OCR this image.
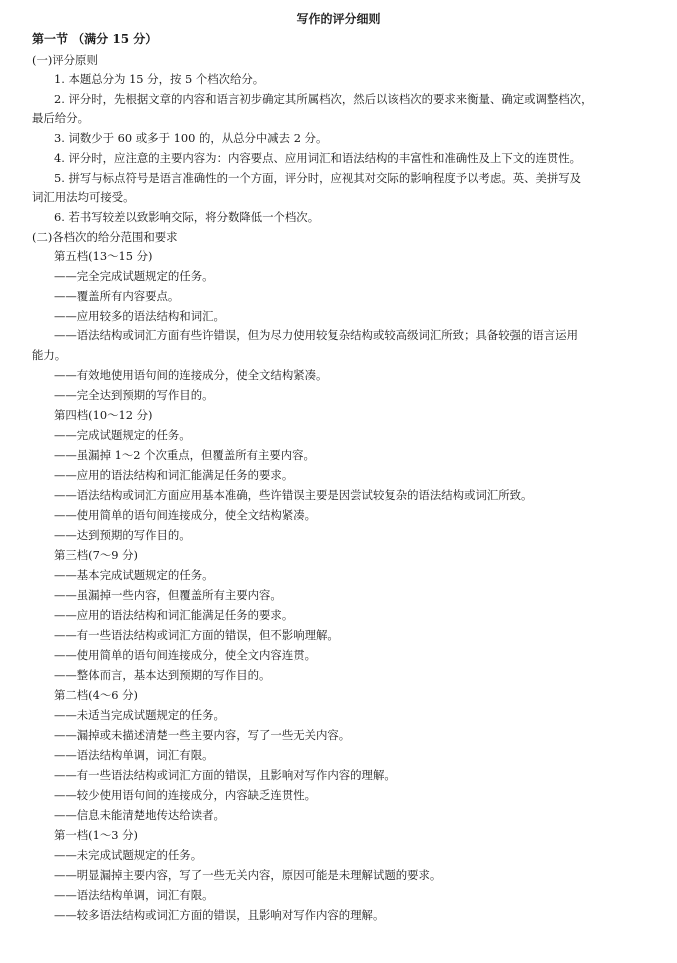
写作的评分细则
第一节 （满分 15 分）
(一)评分原则
1. 本题总分为 15 分，按 5 个档次给分。
2. 评分时，先根据文章的内容和语言初步确定其所属档次，然后以该档次的要求来衡量、确定或调整档次，
最后给分。
3. 词数少于 60 或多于 100 的，从总分中减去 2 分。
4. 评分时，应注意的主要内容为：内容要点、应用词汇和语法结构的丰富性和准确性及上下文的连贯性。
5. 拼写与标点符号是语言准确性的一个方面，评分时，应视其对交际的影响程度予以考虑。英、美拼写及
词汇用法均可接受。
6. 若书写较差以致影响交际，将分数降低一个档次。
(二)各档次的给分范围和要求
第五档(13～15 分)
——完全完成试题规定的任务。
——覆盖所有内容要点。
——应用较多的语法结构和词汇。
——语法结构或词汇方面有些许错误，但为尽力使用较复杂结构或较高级词汇所致；具备较强的语言运用
能力。
——有效地使用语句间的连接成分，使全文结构紧凑。
——完全达到预期的写作目的。
第四档(10～12 分)
——完成试题规定的任务。
——虽漏掉 1～2 个次重点，但覆盖所有主要内容。
——应用的语法结构和词汇能满足任务的要求。
——语法结构或词汇方面应用基本准确，些许错误主要是因尝试较复杂的语法结构或词汇所致。
——使用简单的语句间连接成分，使全文结构紧凑。
——达到预期的写作目的。
第三档(7～9 分)
——基本完成试题规定的任务。
——虽漏掉一些内容，但覆盖所有主要内容。
——应用的语法结构和词汇能满足任务的要求。
——有一些语法结构或词汇方面的错误，但不影响理解。
——使用简单的语句间连接成分，使全文内容连贯。
——整体而言，基本达到预期的写作目的。
第二档(4～6 分)
——未适当完成试题规定的任务。
——漏掉或未描述清楚一些主要内容，写了一些无关内容。
——语法结构单调，词汇有限。
——有一些语法结构或词汇方面的错误，且影响对写作内容的理解。
——较少使用语句间的连接成分，内容缺乏连贯性。
——信息未能清楚地传达给读者。
第一档(1～3 分)
——未完成试题规定的任务。
——明显漏掉主要内容，写了一些无关内容，原因可能是未理解试题的要求。
——语法结构单调，词汇有限。
——较多语法结构或词汇方面的错误，且影响对写作内容的理解。
